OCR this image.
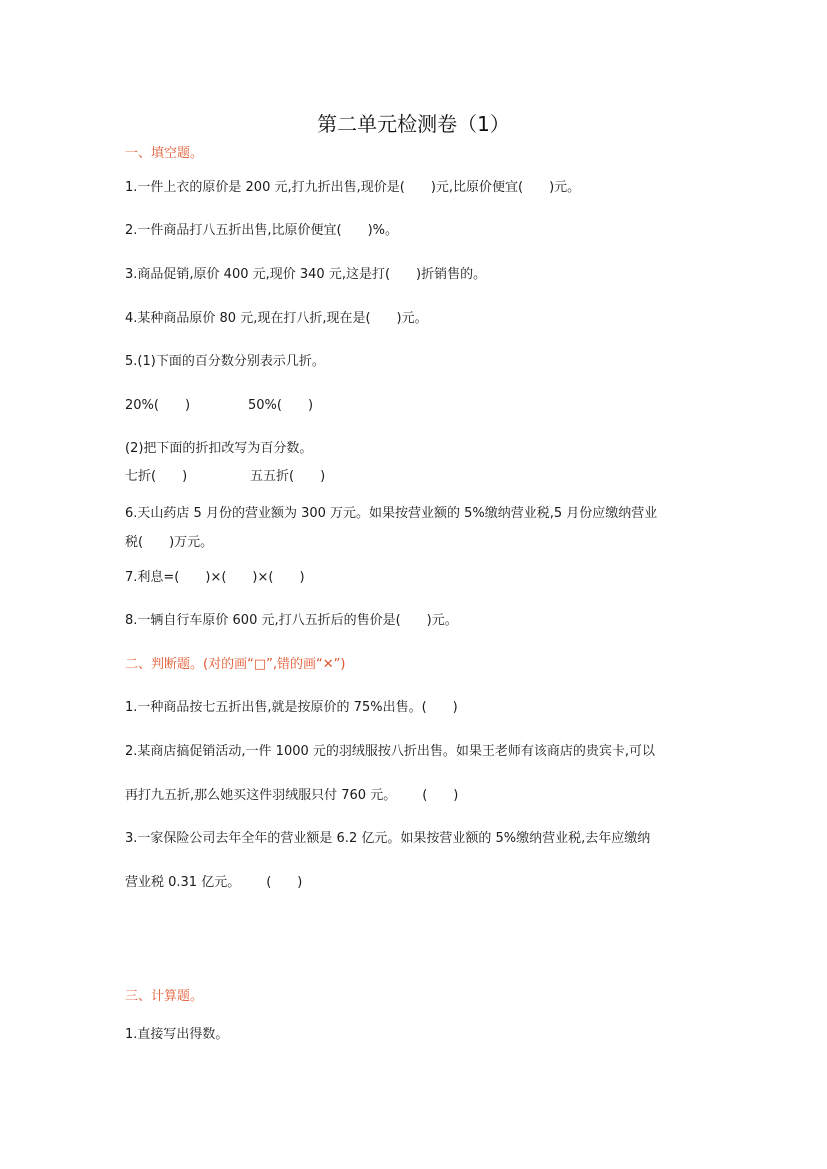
第二单元检测卷（1）
一、填空题。
1.一件上衣的原价是 200 元,打九折出售,现价是(  )元,比原价便宜(  )元。
2.一件商品打八五折出售,比原价便宜(  )%。
3.商品促销,原价 400 元,现价 340 元,这是打(  )折销售的。
4.某种商品原价 80 元,现在打八折,现在是(  )元。
5.(1)下面的百分数分别表示几折。
20%(  )	50%(  )
(2)把下面的折扣改写为百分数。
七折(  )	五五折(  )
6.天山药店 5 月份的营业额为 300 万元。如果按营业额的 5%缴纳营业税,5 月份应缴纳营业
税(  )万元。
7.利息=(  )×(  )×(  )
8.一辆自行车原价 600 元,打八五折后的售价是(  )元。
二、判断题。(对的画“□”,错的画“✕”)
1.一种商品按七五折出售,就是按原价的 75%出售。(  )
2.某商店搞促销活动,一件 1000 元的羽绒服按八折出售。如果王老师有该商店的贵宾卡,可以
再打九五折,那么她买这件羽绒服只付 760 元。  (  )
3.一家保险公司去年全年的营业额是 6.2 亿元。如果按营业额的 5%缴纳营业税,去年应缴纳
营业税 0.31 亿元。  (  )
三、计算题。
1.直接写出得数。
